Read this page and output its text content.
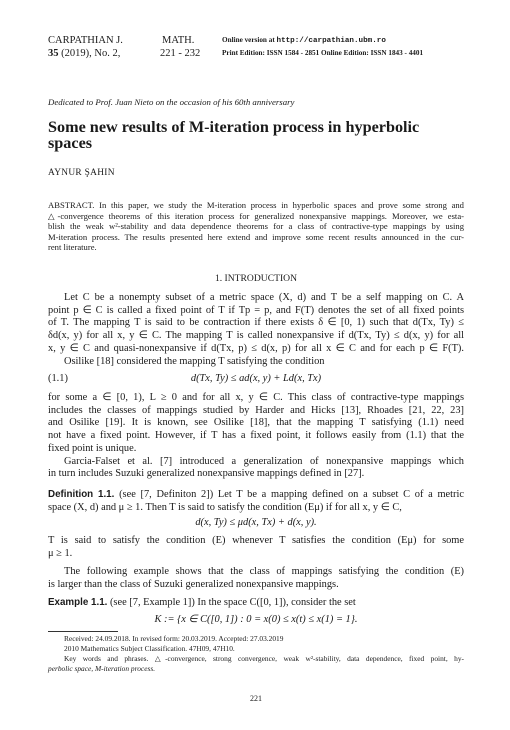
CARPATHIAN J.
35 (2019), No. 2,
MATH.
221 - 232
Online version at http://carpathian.ubm.ro
Print Edition: ISSN 1584 - 2851 Online Edition: ISSN 1843 - 4401
Dedicated to Prof. Juan Nieto on the occasion of his 60th anniversary
Some new results of M-iteration process in hyperbolic
spaces
AYNUR ŞAHIN

ABSTRACT. In this paper, we study the M-iteration process in hyperbolic spaces and prove some strong and

△-convergence theorems of this iteration process for generalized nonexpansive mappings. Moreover, we esta-

blish the weak w²-stability and data dependence theorems for a class of contractive-type mappings by using

M-iteration process. The results presented here extend and improve some recent results announced in the cur-

rent literature.

1. INTRODUCTION

Let C be a nonempty subset of a metric space (X, d) and T be a self mapping on C. A

point p ∈ C is called a fixed point of T if Tp = p, and F(T) denotes the set of all fixed points

of T. The mapping T is said to be contraction if there exists δ ∈ [0, 1) such that d(Tx, Ty) ≤

δd(x, y) for all x, y ∈ C. The mapping T is called nonexpansive if d(Tx, Ty) ≤ d(x, y) for all

x, y ∈ C and quasi-nonexpansive if d(Tx, p) ≤ d(x, p) for all x ∈ C and for each p ∈ F(T).

Osilike [18] considered the mapping T satisfying the condition

(1.1)	d(Tx, Ty) ≤ ad(x, y) + Ld(x, Tx)

for some a ∈ [0, 1), L ≥ 0 and for all x, y ∈ C. This class of contractive-type mappings

includes the classes of mappings studied by Harder and Hicks [13], Rhoades [21, 22, 23]

and Osilike [19]. It is known, see Osilike [18], that the mapping T satisfying (1.1) need

not have a fixed point. However, if T has a fixed point, it follows easily from (1.1) that the

fixed point is unique.

Garcia-Falset et al. [7] introduced a generalization of nonexpansive mappings which

in turn includes Suzuki generalized nonexpansive mappings defined in [27].

Definition 1.1. (see [7, Definiton 2]) Let T be a mapping defined on a subset C of a metric

space (X, d) and μ ≥ 1. Then T is said to satisfy the condition (Eμ) if for all x, y ∈ C,

d(x, Ty) ≤ μd(x, Tx) + d(x, y).

T is said to satisfy the condition (E) whenever T satisfies the condition (Eμ) for some

μ ≥ 1.

The following example shows that the class of mappings satisfying the condition (E)

is larger than the class of Suzuki generalized nonexpansive mappings.

Example 1.1. (see [7, Example 1]) In the space C([0, 1]), consider the set

K := {x ∈ C([0, 1]) : 0 = x(0) ≤ x(t) ≤ x(1) = 1}.

Received: 24.09.2018. In revised form: 20.03.2019. Accepted: 27.03.2019

2010 Mathematics Subject Classification. 47H09, 47H10.

Key words and phrases. △-convergence, strong convergence, weak w²-stability, data dependence, fixed point, hy-

perbolic space, M-iteration process.

221
